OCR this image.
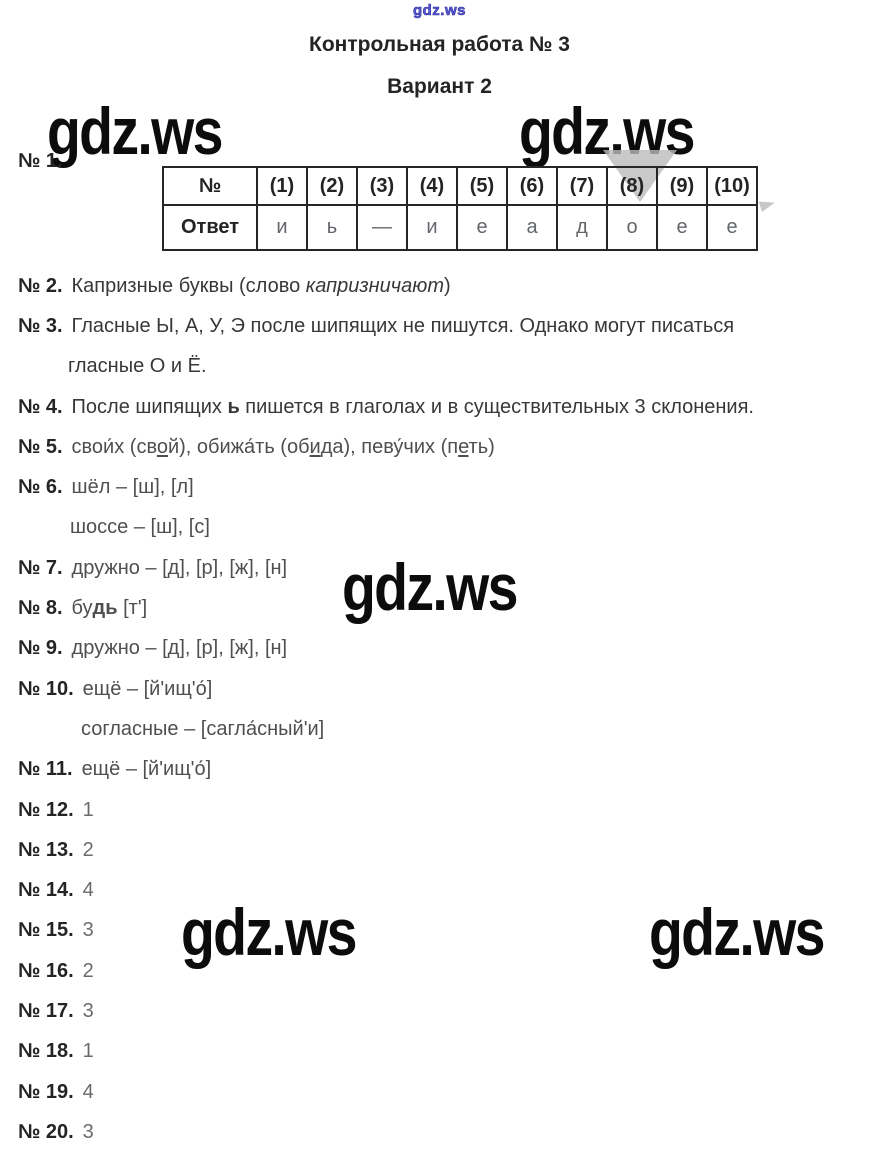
gdz.ws
Контрольная работа № 3
Вариант 2
gdz.ws	gdz.ws
gdz.ws
gdz.ws	gdz.ws
№ 1.
№	(1)	(2)	(3)	(4)	(5)	(6)	(7)	(8)	(9)	(10)
Ответ	и	ь	—	и	е	а	д	о	е	е
№ 2. Капризные буквы (слово капризничают)
№ 3. Гласные Ы, А, У, Э после шипящих не пишутся. Однако могут писаться
гласные О и Ё.
№ 4. После шипящих ь пишется в глаголах и в существительных 3 склонения.
№ 5. свои́х (свой), обижа́ть (обида), певу́чих (петь)
№ 6. шёл – [ш], [л]
шоссе – [ш], [с]
№ 7. дружно – [д], [р], [ж], [н]
№ 8. будь [т']
№ 9. дружно – [д], [р], [ж], [н]
№ 10. ещё – [й'ищ'о́]
согласные – [сагла́сный'и]
№ 11. ещё – [й'ищ'о́]
№ 12. 1
№ 13. 2
№ 14. 4
№ 15. 3
№ 16. 2
№ 17. 3
№ 18. 1
№ 19. 4
№ 20. 3
